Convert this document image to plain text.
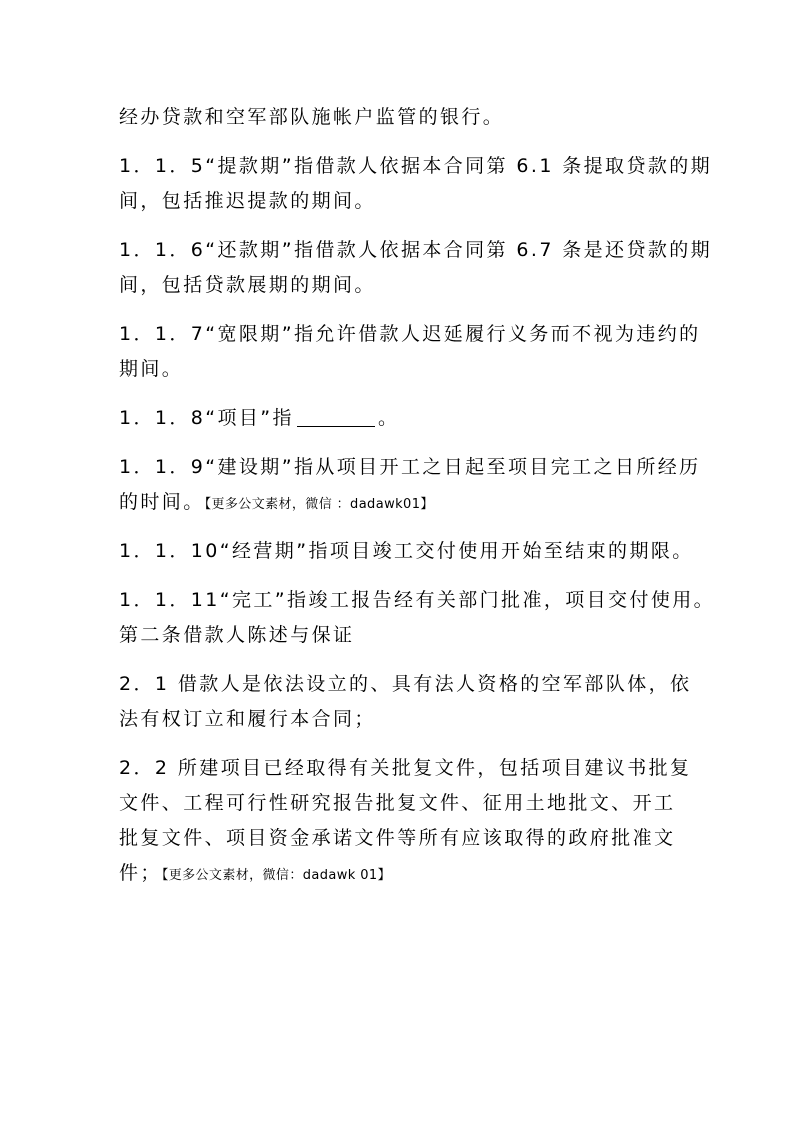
经办贷款和空军部队施帐户监管的银行。

1．1．5“提款期”指借款人依据本合同第 6.1 条提取贷款的期
间，包括推迟提款的期间。

1．1．6“还款期”指借款人依据本合同第 6.7 条是还贷款的期
间，包括贷款展期的期间。

1．1．7“宽限期”指允许借款人迟延履行义务而不视为违约的
期间。

1．1．8“项目”指	。

1．1．9“建设期”指从项目开工之日起至项目完工之日所经历
的时间。【更多公文素材，微信 ：dadawk01】

1．1．10“经营期”指项目竣工交付使用开始至结束的期限。

1．1．11“完工”指竣工报告经有关部门批准，项目交付使用。

第二条借款人陈述与保证

2．1 借款人是依法设立的、具有法人资格的空军部队体，依
法有权订立和履行本合同；

2．2 所建项目已经取得有关批复文件，包括项目建议书批复
文件、工程可行性研究报告批复文件、征用土地批文、开工
批复文件、项目资金承诺文件等所有应该取得的政府批准文
件；【更多公文素材，微信：dadawk 01】
